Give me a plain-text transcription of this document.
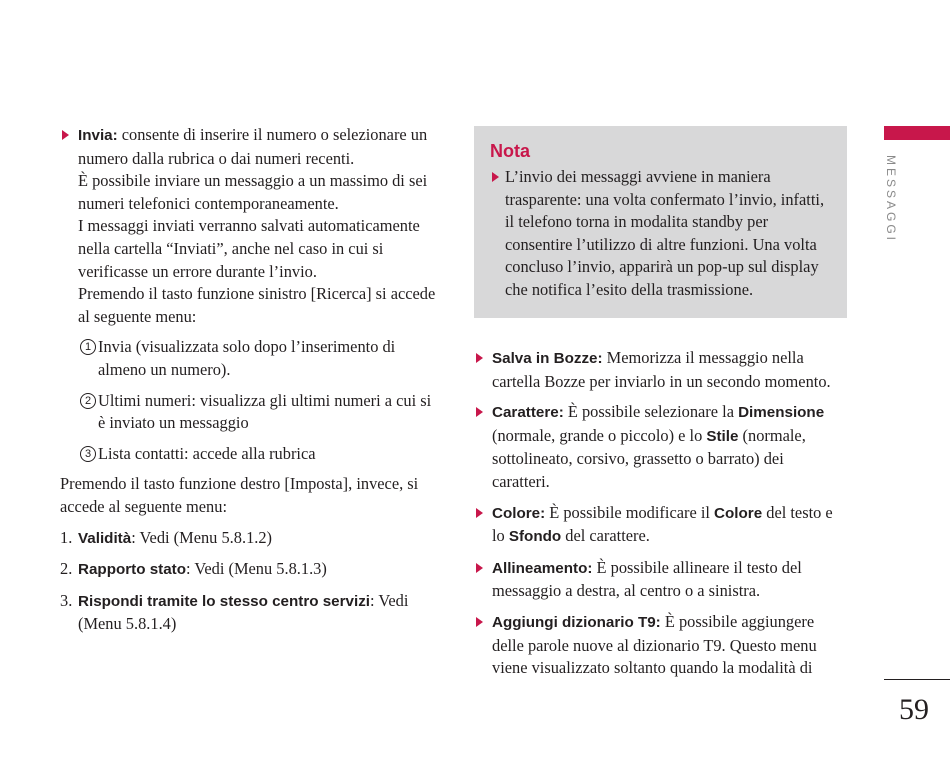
Invia: consente di inserire il numero o selezionare un numero dalla rubrica o dai numeri recenti.
È possibile inviare un messaggio a un massimo di sei numeri telefonici contemporaneamente.
I messaggi inviati verranno salvati automaticamente nella cartella “Inviati”, anche nel caso in cui si verificasse un errore durante l’invio.
Premendo il tasto funzione sinistro [Ricerca] si accede al seguente menu:
1 Invia (visualizzata solo dopo l’inserimento di almeno un numero).
2 Ultimi numeri: visualizza gli ultimi numeri a cui si è inviato un messaggio
3 Lista contatti: accede alla rubrica
Premendo il tasto funzione destro [Imposta], invece, si accede al seguente menu:
1. Validità: Vedi (Menu 5.8.1.2)
2. Rapporto stato: Vedi (Menu 5.8.1.3)
3. Rispondi tramite lo stesso centro servizi: Vedi (Menu 5.8.1.4)
Nota
L’invio dei messaggi avviene in maniera trasparente: una volta confermato l’invio, infatti, il telefono torna in modalita standby per consentire l’utilizzo di altre funzioni. Una volta concluso l’invio, apparirà un pop-up sul display che notifica l’esito della trasmissione.
Salva in Bozze: Memorizza il messaggio nella cartella Bozze per inviarlo in un secondo momento.
Carattere: È possibile selezionare la Dimensione (normale, grande o piccolo) e lo Stile (normale, sottolineato, corsivo, grassetto o barrato) dei caratteri.
Colore: È possibile modificare il Colore del testo e lo Sfondo del carattere.
Allineamento: È possibile allineare il testo del messaggio a destra, al centro o a sinistra.
Aggiungi dizionario T9: È possibile aggiungere delle parole nuove al dizionario T9. Questo menu viene visualizzato soltanto quando la modalità di
MESSAGGI
59
